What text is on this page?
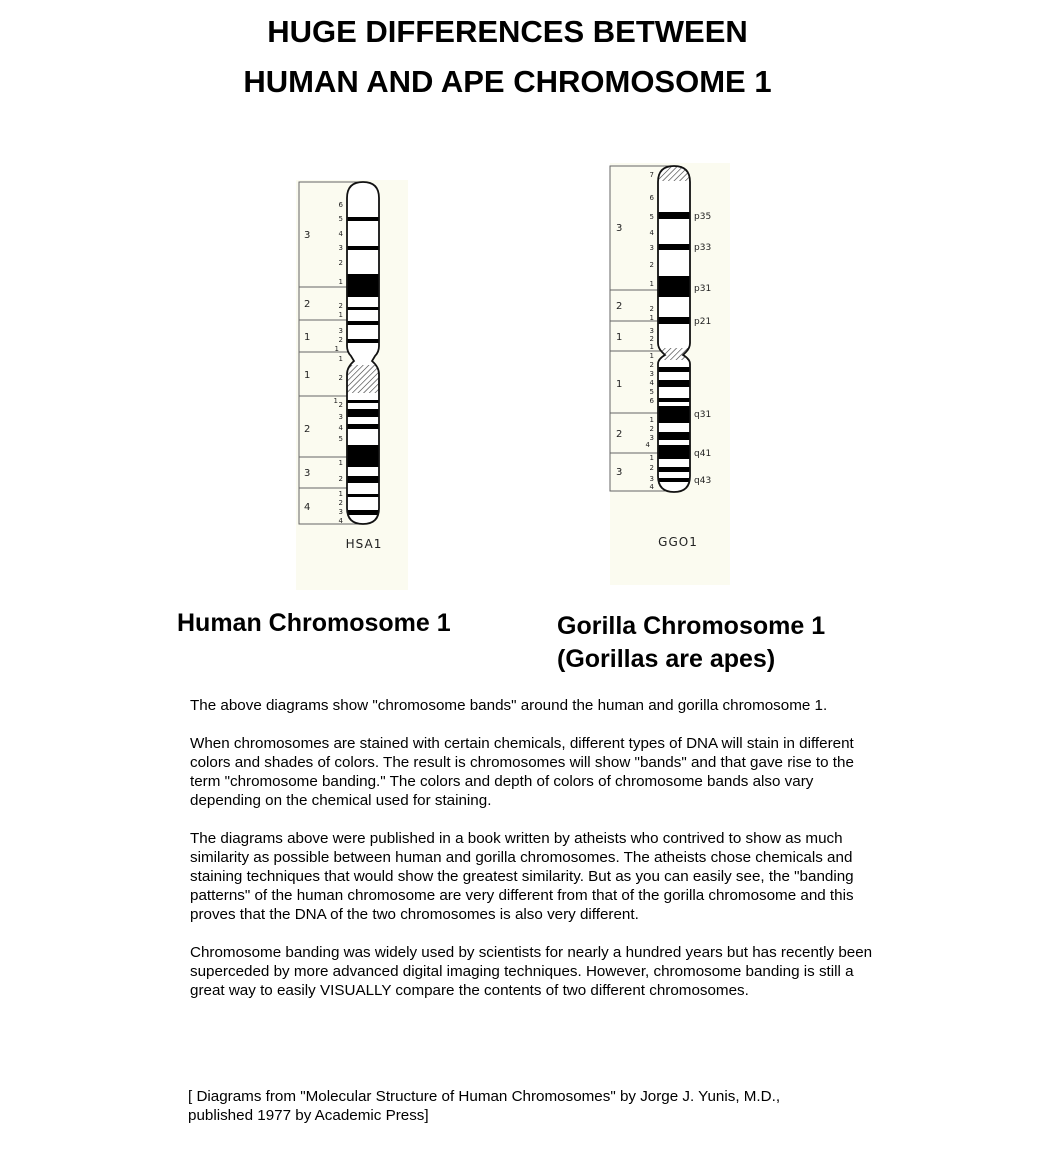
HUGE DIFFERENCES BETWEEN
HUMAN AND APE CHROMOSOME 1
3
2
1
1
2
3
4
6
5
4
3
2
1
2
1
3
2
1
1
2
1 2
3
4
5
1
2
1
2
3
4
HSA1
3
2
1
1
2
3
7
6
5
4
3
2
1
2
1
3
2
1
1
2
3
4
5
6
1
2
3
4
1
2
3
4
p35
p33
p31
p21
q31
q41
q43
GGO1
Human Chromosome 1	Gorilla Chromosome 1
(Gorillas are apes)

The above diagrams show "chromosome bands" around the human and gorilla chromosome 1.

When chromosomes are stained with certain chemicals, different types of DNA will stain in different colors and shades of colors. The result is chromosomes will show "bands" and that gave rise to the term "chromosome banding." The colors and depth of colors of chromosome bands also vary depending on the chemical used for staining.

The diagrams above were published in a book written by atheists who contrived to show as much similarity as possible between human and gorilla chromosomes. The atheists chose chemicals and staining techniques that would show the greatest similarity. But as you can easily see, the "banding patterns" of the human chromosome are very different from that of the gorilla chromosome and this proves that the DNA of the two chromosomes is also very different.

Chromosome banding was widely used by scientists for nearly a hundred years but has recently been superceded by more advanced digital imaging techniques. However, chromosome banding is still a great way to easily VISUALLY compare the contents of two different chromosomes.

[ Diagrams from "Molecular Structure of Human Chromosomes" by Jorge J. Yunis, M.D.,
published 1977 by Academic Press]
